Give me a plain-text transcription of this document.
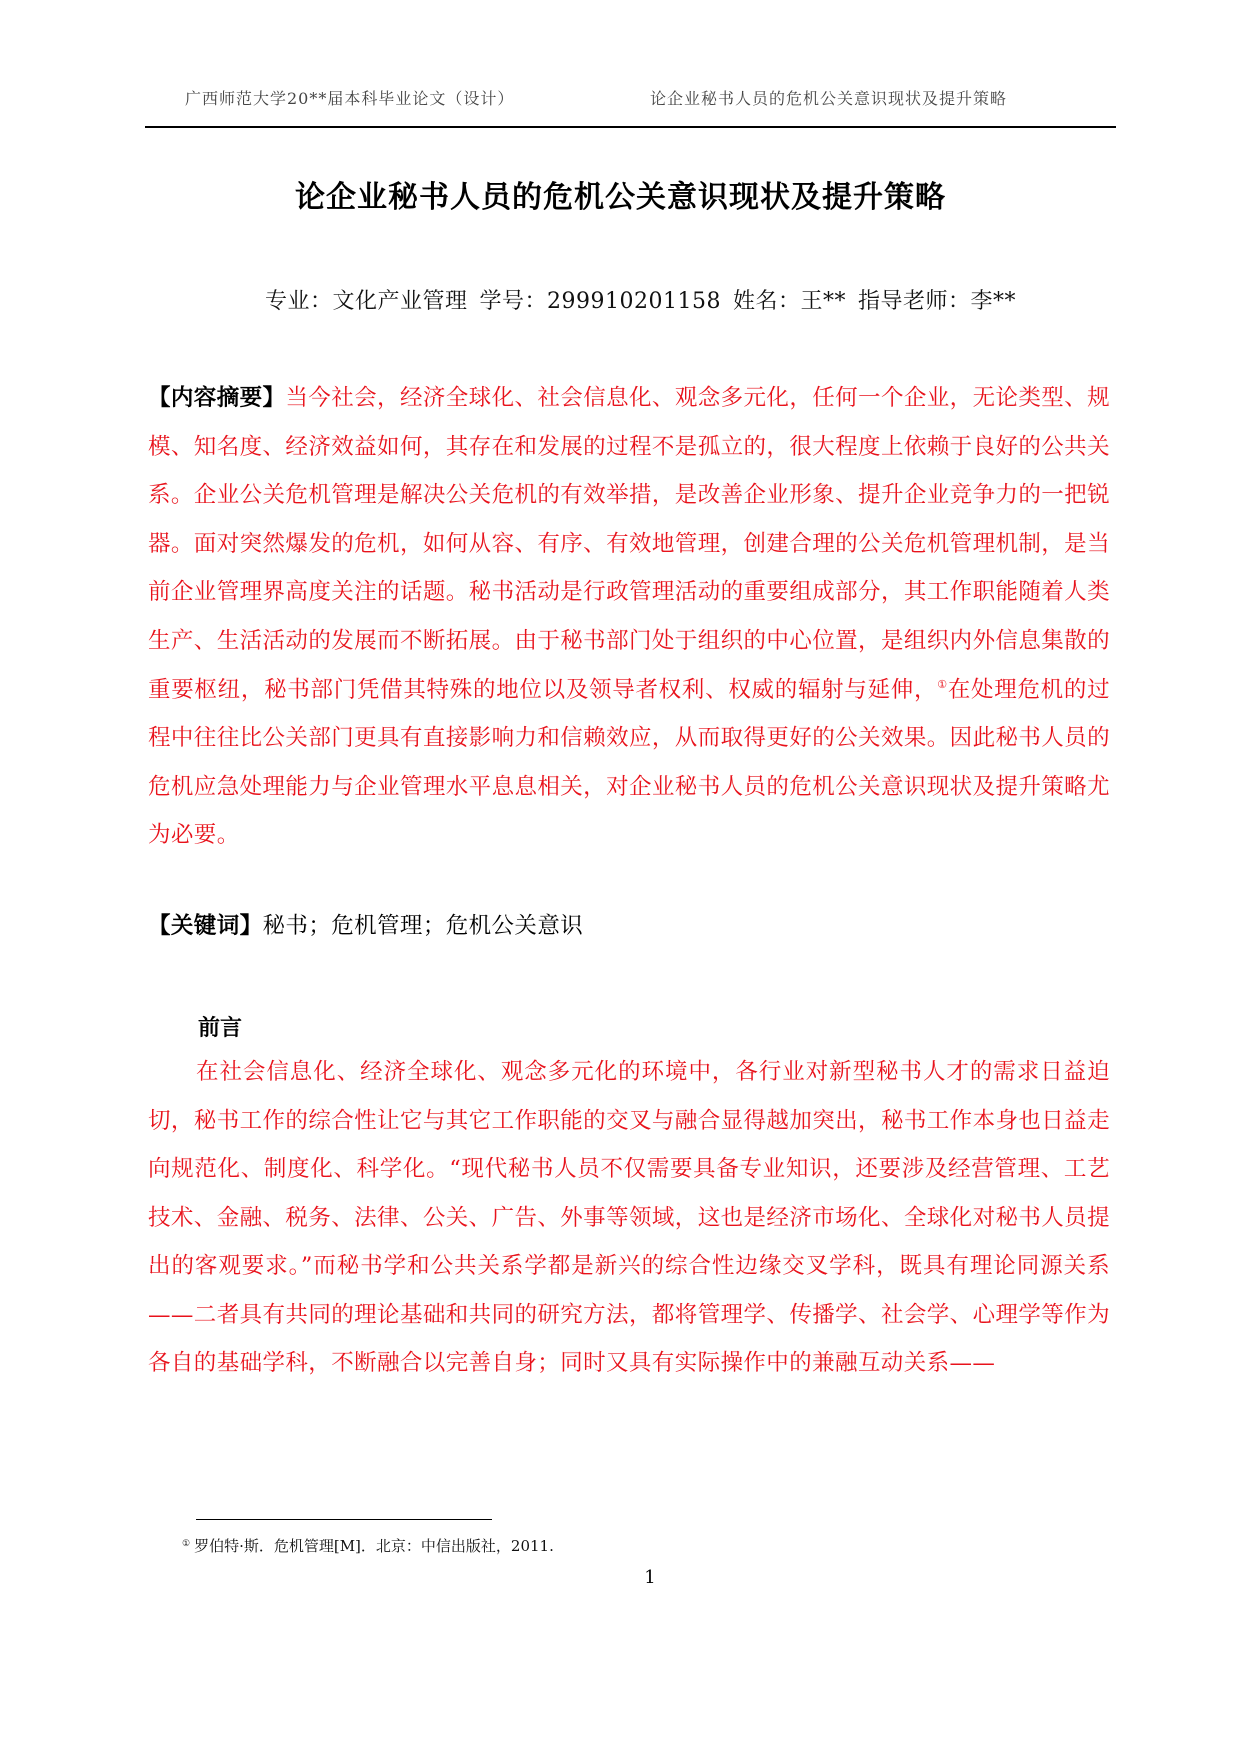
广西师范大学20**届本科毕业论文（设计）	论企业秘书人员的危机公关意识现状及提升策略
论企业秘书人员的危机公关意识现状及提升策略
专业：文化产业管理 学号：299910201158 姓名：王** 指导老师：李**
【内容摘要】当今社会，经济全球化、社会信息化、观念多元化，任何一个企业，无论类型、规模、知名度、经济效益如何，其存在和发展的过程不是孤立的，很大程度上依赖于良好的公共关系。企业公关危机管理是解决公关危机的有效举措，是改善企业形象、提升企业竞争力的一把锐器。面对突然爆发的危机，如何从容、有序、有效地管理，创建合理的公关危机管理机制，是当前企业管理界高度关注的话题。秘书活动是行政管理活动的重要组成部分，其工作职能随着人类生产、生活活动的发展而不断拓展。由于秘书部门处于组织的中心位置，是组织内外信息集散的重要枢纽，秘书部门凭借其特殊的地位以及领导者权利、权威的辐射与延伸，①在处理危机的过程中往往比公关部门更具有直接影响力和信赖效应，从而取得更好的公关效果。因此秘书人员的危机应急处理能力与企业管理水平息息相关，对企业秘书人员的危机公关意识现状及提升策略尤为必要。
【关键词】秘书；危机管理；危机公关意识
前言
在社会信息化、经济全球化、观念多元化的环境中，各行业对新型秘书人才的需求日益迫切，秘书工作的综合性让它与其它工作职能的交叉与融合显得越加突出，秘书工作本身也日益走向规范化、制度化、科学化。“现代秘书人员不仅需要具备专业知识，还要涉及经营管理、工艺技术、金融、税务、法律、公关、广告、外事等领域，这也是经济市场化、全球化对秘书人员提出的客观要求。”而秘书学和公共关系学都是新兴的综合性边缘交叉学科，既具有理论同源关系——二者具有共同的理论基础和共同的研究方法，都将管理学、传播学、社会学、心理学等作为各自的基础学科，不断融合以完善自身；同时又具有实际操作中的兼融互动关系——
① 罗伯特·斯．危机管理[M]．北京：中信出版社，2011.
1
